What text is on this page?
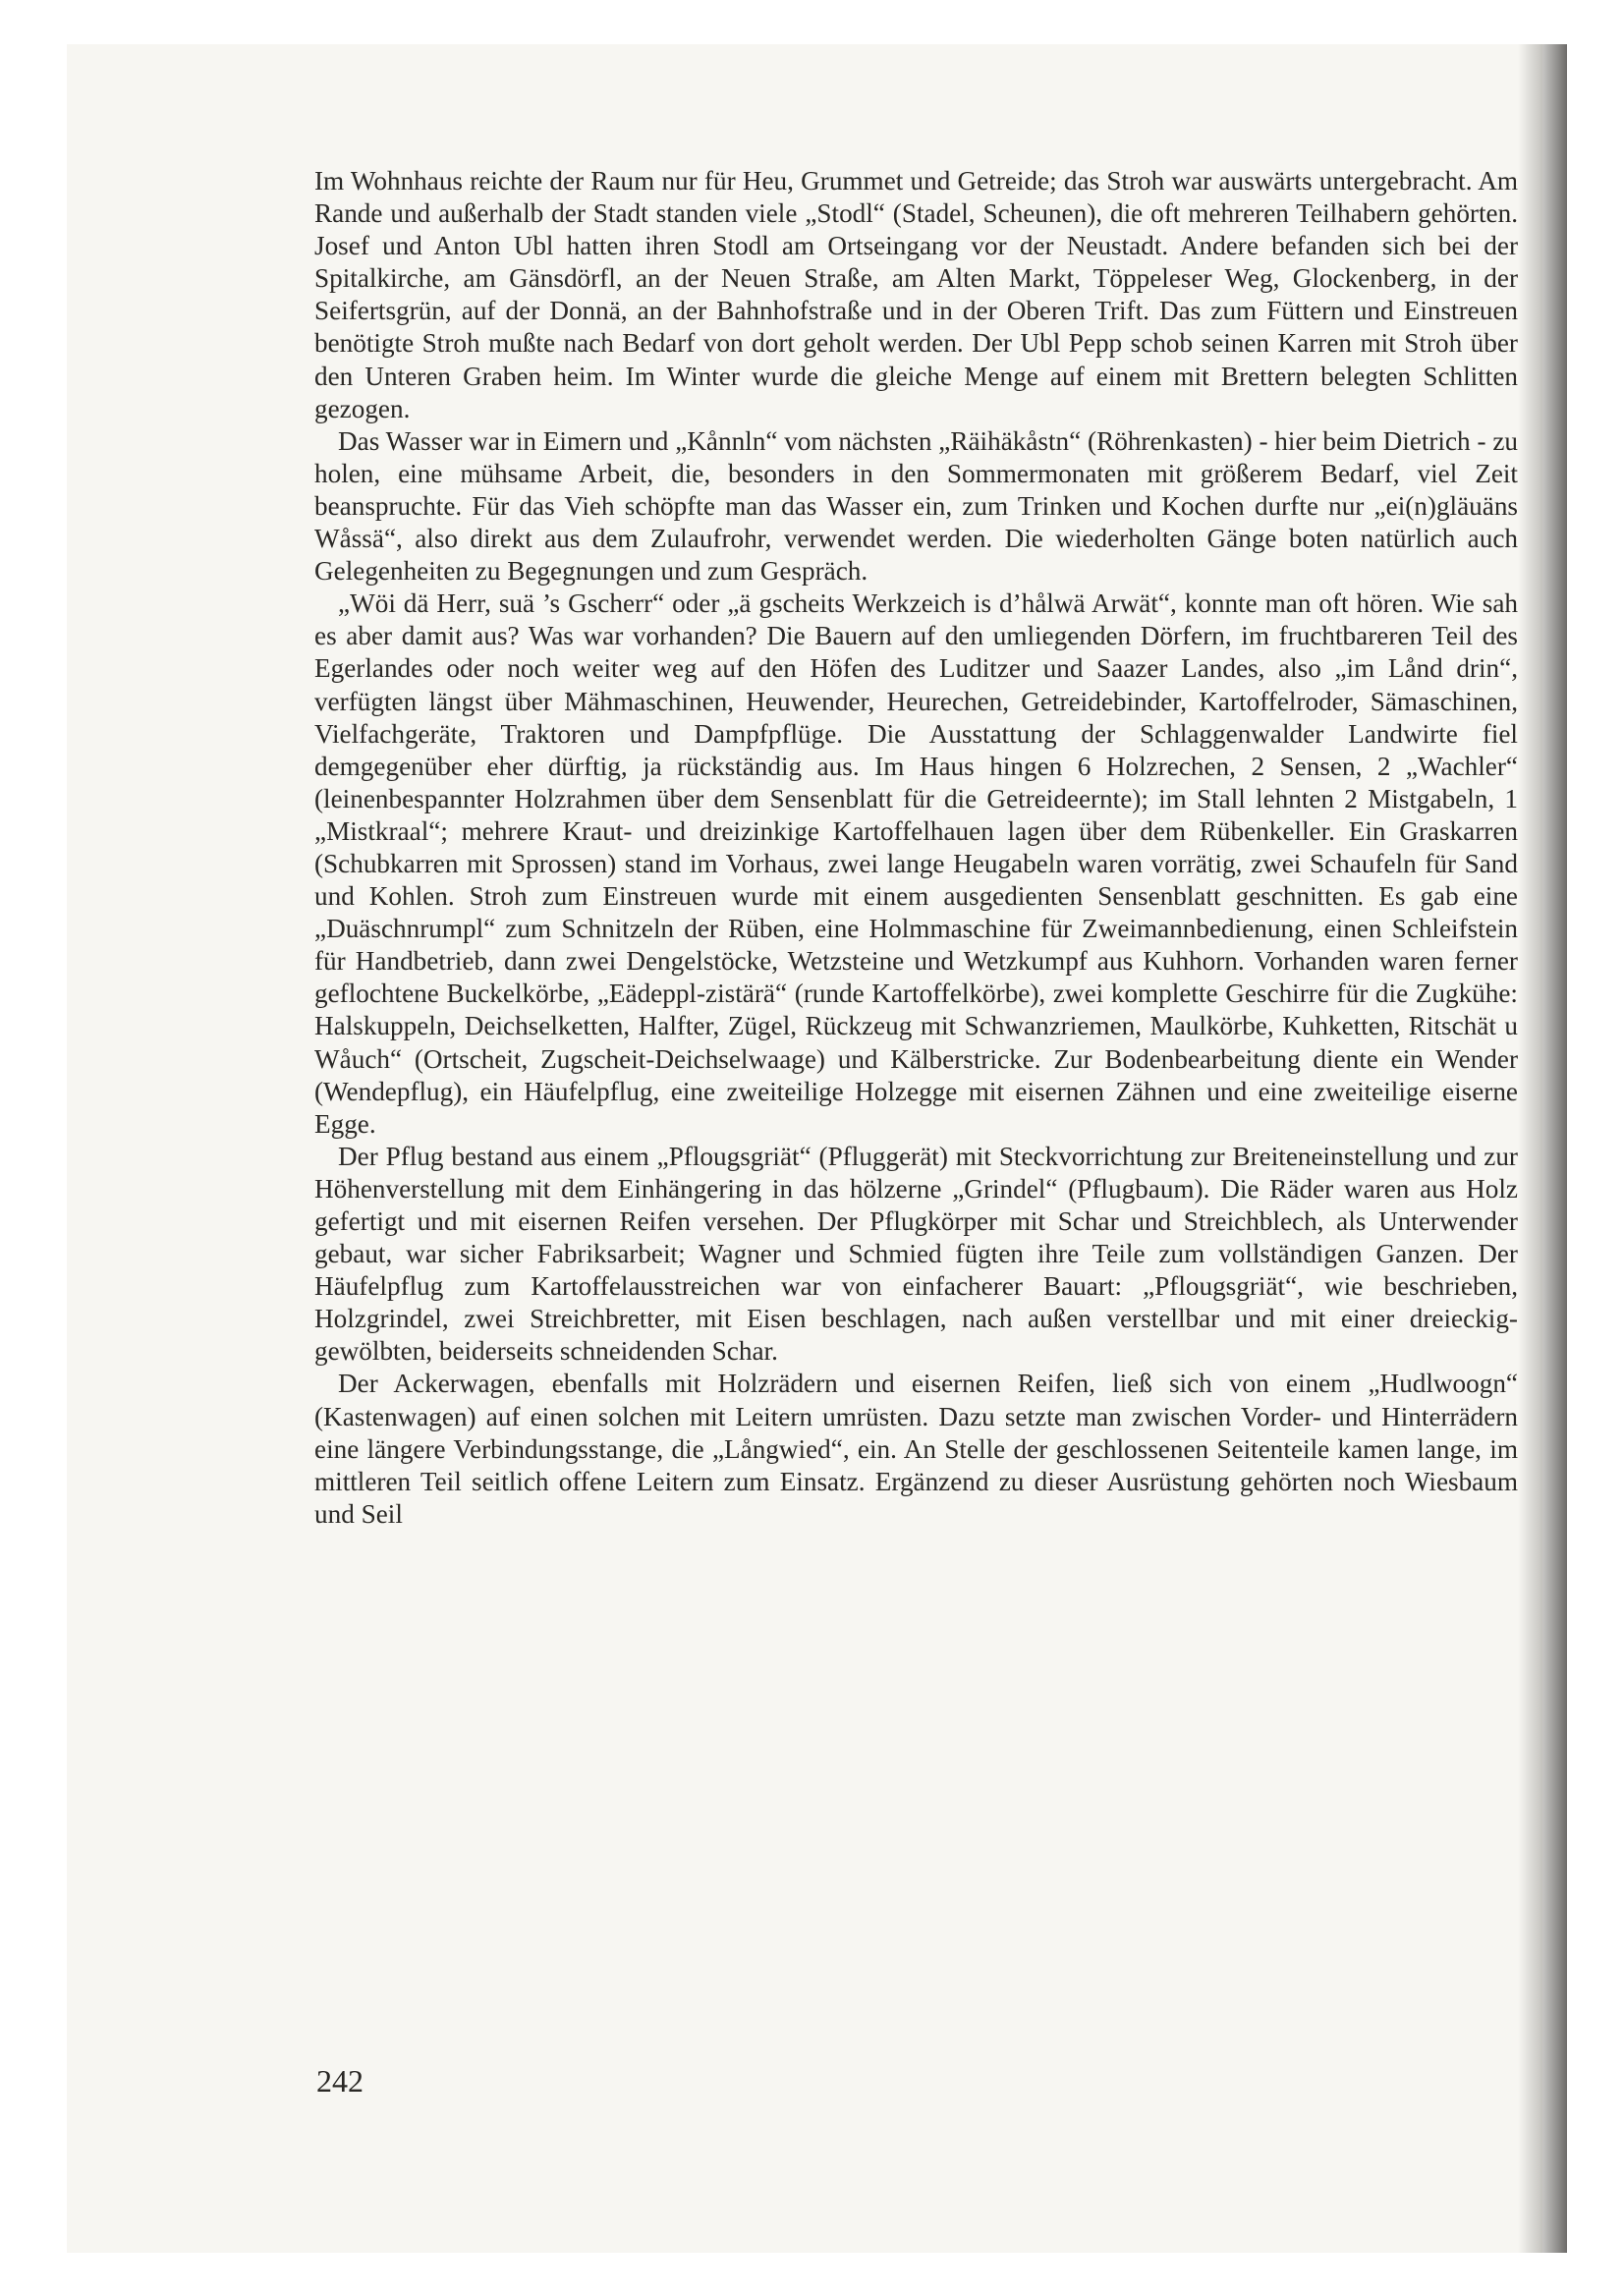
Im Wohnhaus reichte der Raum nur für Heu, Grummet und Getreide; das Stroh war auswärts untergebracht. Am Rande und außerhalb der Stadt standen viele „Stodl“ (Stadel, Scheunen), die oft mehreren Teilhabern gehörten. Josef und Anton Ubl hatten ihren Stodl am Ortseingang vor der Neustadt. Andere befanden sich bei der Spitalkirche, am Gänsdörfl, an der Neuen Straße, am Alten Markt, Töppeleser Weg, Glockenberg, in der Seifertsgrün, auf der Donnä, an der Bahnhofstraße und in der Oberen Trift. Das zum Füttern und Einstreuen benötigte Stroh mußte nach Bedarf von dort geholt werden. Der Ubl Pepp schob seinen Karren mit Stroh über den Unteren Graben heim. Im Winter wurde die gleiche Menge auf einem mit Brettern belegten Schlitten gezogen.

Das Wasser war in Eimern und „Kånnln“ vom nächsten „Räihäkåstn“ (Röhrenkasten) - hier beim Dietrich - zu holen, eine mühsame Arbeit, die, besonders in den Sommermonaten mit größerem Bedarf, viel Zeit beanspruchte. Für das Vieh schöpfte man das Wasser ein, zum Trinken und Kochen durfte nur „ei(n)gläuäns Wåssä“, also direkt aus dem Zulaufrohr, verwendet werden. Die wiederholten Gänge boten natürlich auch Gelegenheiten zu Begegnungen und zum Gespräch.

„Wöi dä Herr, suä ’s Gscherr“ oder „ä gscheits Werkzeich is d’hålwä Arwät“, konnte man oft hören. Wie sah es aber damit aus? Was war vorhanden? Die Bauern auf den umliegenden Dörfern, im fruchtbareren Teil des Egerlandes oder noch weiter weg auf den Höfen des Luditzer und Saazer Landes, also „im Lånd drin“, verfügten längst über Mähmaschinen, Heuwender, Heurechen, Getreidebinder, Kartoffelroder, Sämaschinen, Vielfachgeräte, Traktoren und Dampfpflüge. Die Ausstattung der Schlaggenwalder Landwirte fiel demgegenüber eher dürftig, ja rückständig aus. Im Haus hingen 6 Holzrechen, 2 Sensen, 2 „Wachler“ (leinenbespannter Holzrahmen über dem Sensenblatt für die Getreideernte); im Stall lehnten 2 Mistgabeln, 1 „Mistkraal“; mehrere Kraut- und dreizinkige Kartoffelhauen lagen über dem Rübenkeller. Ein Graskarren (Schubkarren mit Sprossen) stand im Vorhaus, zwei lange Heugabeln waren vorrätig, zwei Schaufeln für Sand und Kohlen. Stroh zum Einstreuen wurde mit einem ausgedienten Sensenblatt geschnitten. Es gab eine „Duäschnrumpl“ zum Schnitzeln der Rüben, eine Holmmaschine für Zweimannbedienung, einen Schleifstein für Handbetrieb, dann zwei Dengelstöcke, Wetzsteine und Wetzkumpf aus Kuhhorn. Vorhanden waren ferner geflochtene Buckelkörbe, „Eädeppl-zistärä“ (runde Kartoffelkörbe), zwei komplette Geschirre für die Zugkühe: Halskuppeln, Deichselketten, Halfter, Zügel, Rückzeug mit Schwanzriemen, Maulkörbe, Kuhketten, Ritschät u Wåuch“ (Ortscheit, Zugscheit-Deichselwaage) und Kälberstricke. Zur Bodenbearbeitung diente ein Wender (Wendepflug), ein Häufelpflug, eine zweiteilige Holzegge mit eisernen Zähnen und eine zweiteilige eiserne Egge.

Der Pflug bestand aus einem „Pflougsgriät“ (Pfluggerät) mit Steckvorrichtung zur Breiteneinstellung und zur Höhenverstellung mit dem Einhängering in das hölzerne „Grindel“ (Pflugbaum). Die Räder waren aus Holz gefertigt und mit eisernen Reifen versehen. Der Pflugkörper mit Schar und Streichblech, als Unterwender gebaut, war sicher Fabriksarbeit; Wagner und Schmied fügten ihre Teile zum vollständigen Ganzen. Der Häufelpflug zum Kartoffelausstreichen war von einfacherer Bauart: „Pflougsgriät“, wie beschrieben, Holzgrindel, zwei Streichbretter, mit Eisen beschlagen, nach außen verstellbar und mit einer dreieckig-gewölbten, beiderseits schneidenden Schar.

Der Ackerwagen, ebenfalls mit Holzrädern und eisernen Reifen, ließ sich von einem „Hudlwoogn“ (Kastenwagen) auf einen solchen mit Leitern umrüsten. Dazu setzte man zwischen Vorder- und Hinterrädern eine längere Verbindungsstange, die „Långwied“, ein. An Stelle der geschlossenen Seitenteile kamen lange, im mittleren Teil seitlich offene Leitern zum Einsatz. Ergänzend zu dieser Ausrüstung gehörten noch Wiesbaum und Seil

242
